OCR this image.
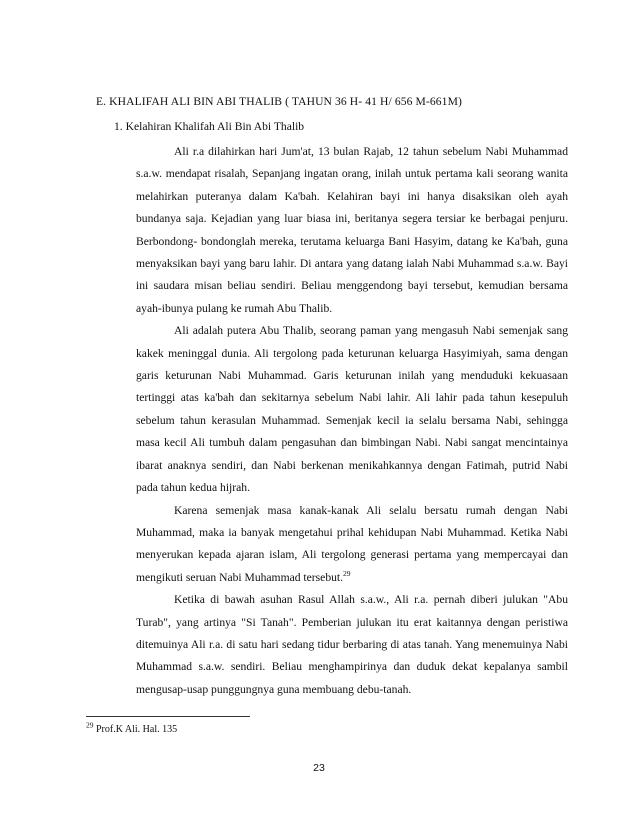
E. KHALIFAH ALI BIN ABI THALIB ( TAHUN 36 H- 41 H/ 656 M-661M)
1. Kelahiran Khalifah Ali Bin Abi Thalib

Ali r.a dilahirkan hari Jum'at, 13 bulan Rajab, 12 tahun sebelum Nabi Muhammad s.a.w. mendapat risalah, Sepanjang ingatan orang, inilah untuk pertama kali seorang wanita melahirkan puteranya dalam Ka'bah. Kelahiran bayi ini hanya disaksikan oleh ayah bundanya saja. Kejadian yang luar biasa ini, beritanya segera tersiar ke berbagai penjuru. Berbondong- bondonglah mereka, terutama keluarga Bani Hasyim, datang ke Ka'bah, guna menyaksikan bayi yang baru lahir. Di antara yang datang ialah Nabi Muhammad s.a.w. Bayi ini saudara misan beliau sendiri. Beliau menggendong bayi tersebut, kemudian bersama ayah-ibunya pulang ke rumah Abu Thalib.

Ali adalah putera Abu Thalib, seorang paman yang mengasuh Nabi semenjak sang kakek meninggal dunia. Ali tergolong pada keturunan keluarga Hasyimiyah, sama dengan garis keturunan Nabi Muhammad. Garis keturunan inilah yang menduduki kekuasaan tertinggi atas ka'bah dan sekitarnya sebelum Nabi lahir. Ali lahir pada tahun kesepuluh sebelum tahun kerasulan Muhammad. Semenjak kecil ia selalu bersama Nabi, sehingga masa kecil Ali tumbuh dalam pengasuhan dan bimbingan Nabi. Nabi sangat mencintainya ibarat anaknya sendiri, dan Nabi berkenan menikahkannya dengan Fatimah, putrid Nabi pada tahun kedua hijrah.

Karena semenjak masa kanak-kanak Ali selalu bersatu rumah dengan Nabi Muhammad, maka ia banyak mengetahui prihal kehidupan Nabi Muhammad. Ketika Nabi menyerukan kepada ajaran islam, Ali tergolong generasi pertama yang mempercayai dan mengikuti seruan Nabi Muhammad tersebut.$^{29}$

Ketika di bawah asuhan Rasul Allah s.a.w., Ali r.a. pernah diberi julukan "Abu Turab", yang artinya "Si Tanah". Pemberian julukan itu erat kaitannya dengan peristiwa ditemuinya Ali r.a. di satu hari sedang tidur berbaring di atas tanah. Yang menemuinya Nabi Muhammad s.a.w. sendiri. Beliau menghampirinya dan duduk dekat kepalanya sambil mengusap-usap punggungnya guna membuang debu-tanah.

$^{29}$ Prof.K Ali. Hal. 135
23
